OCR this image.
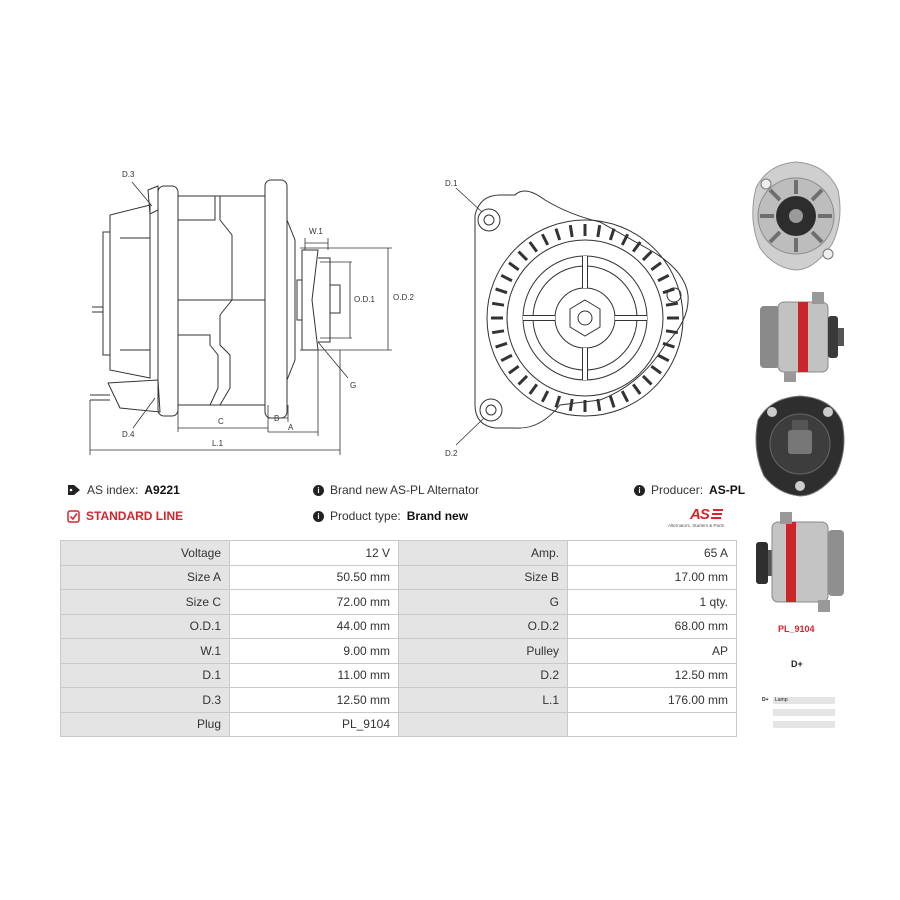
W.1
O.D.1 O.D.2
G
D.3
D.4
C	B
A
L.1
D.1
D.2
PL_9104
D+
D+	Lamp
AS index: A9221
STANDARD LINE
i Brand new AS-PL Alternator
i Product type: Brand new
i Producer: AS-PL
AS
Alternators, Starters & Parts
Voltage	12 V	Amp.	65 A
Size A	50.50 mm	Size B	17.00 mm
Size C	72.00 mm	G	1 qty.
O.D.1	44.00 mm	O.D.2	68.00 mm
W.1	9.00 mm	Pulley	AP
D.1	11.00 mm	D.2	12.50 mm
D.3	12.50 mm	L.1	176.00 mm
Plug	PL_9104		
